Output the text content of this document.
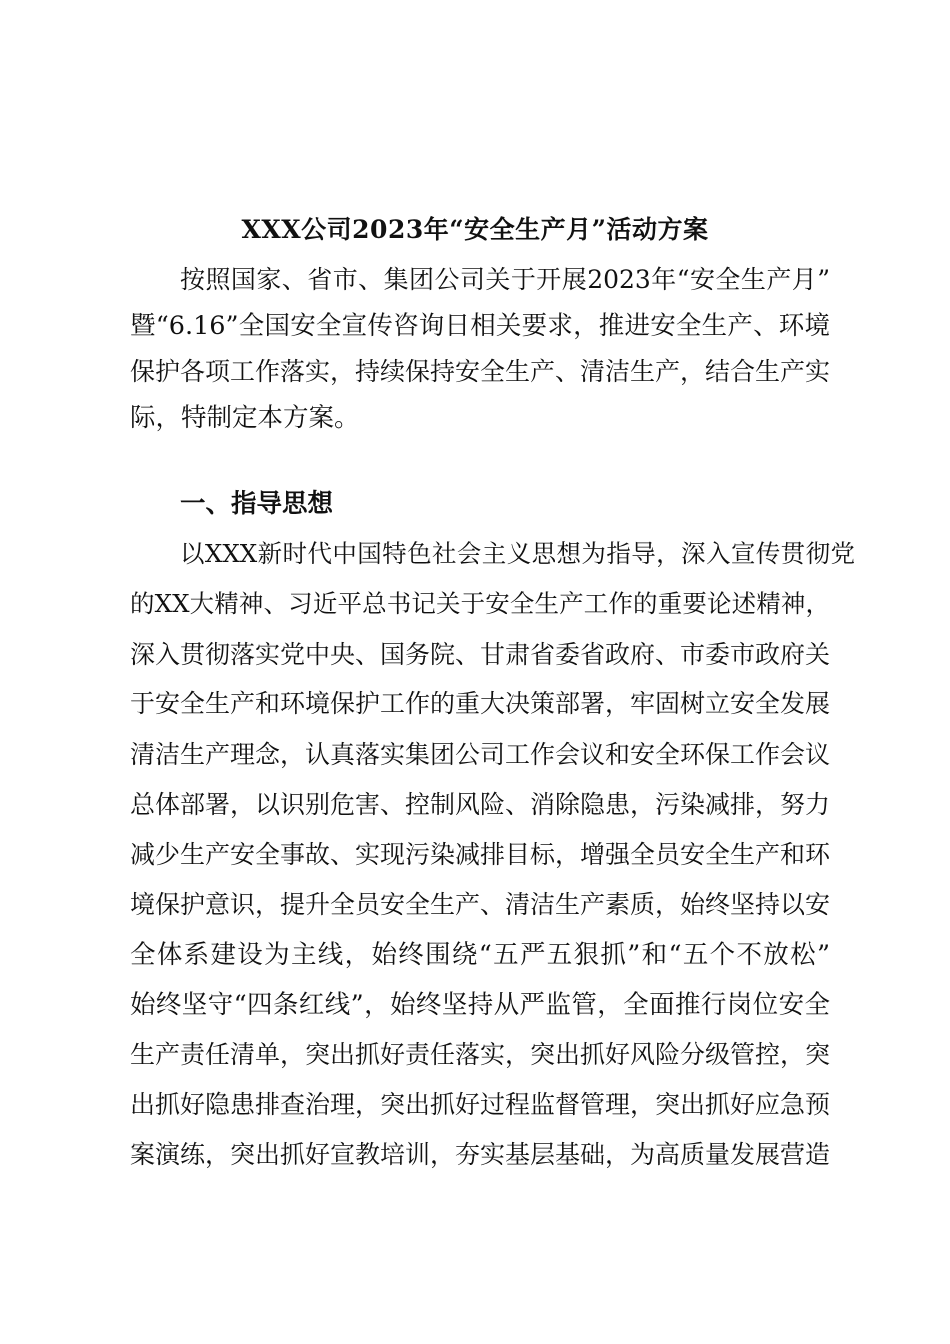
XXX公司2023年“安全生产月”活动方案
按照国家、省市、集团公司关于开展2023年“安全生产月”
暨“6.16”全国安全宣传咨询日相关要求，推进安全生产、环境
保护各项工作落实，持续保持安全生产、清洁生产，结合生产实
际，特制定本方案。
一、指导思想
以XXX新时代中国特色社会主义思想为指导，深入宣传贯彻党
的XX大精神、习近平总书记关于安全生产工作的重要论述精神，
深入贯彻落实党中央、国务院、甘肃省委省政府、市委市政府关
于安全生产和环境保护工作的重大决策部署，牢固树立安全发展
清洁生产理念，认真落实集团公司工作会议和安全环保工作会议
总体部署，以识别危害、控制风险、消除隐患，污染减排，努力
减少生产安全事故、实现污染减排目标，增强全员安全生产和环
境保护意识，提升全员安全生产、清洁生产素质，始终坚持以安
全体系建设为主线，始终围绕“五严五狠抓”和“五个不放松”
始终坚守“四条红线”，始终坚持从严监管，全面推行岗位安全
生产责任清单，突出抓好责任落实，突出抓好风险分级管控，突
出抓好隐患排查治理，突出抓好过程监督管理，突出抓好应急预
案演练，突出抓好宣教培训，夯实基层基础，为高质量发展营造
